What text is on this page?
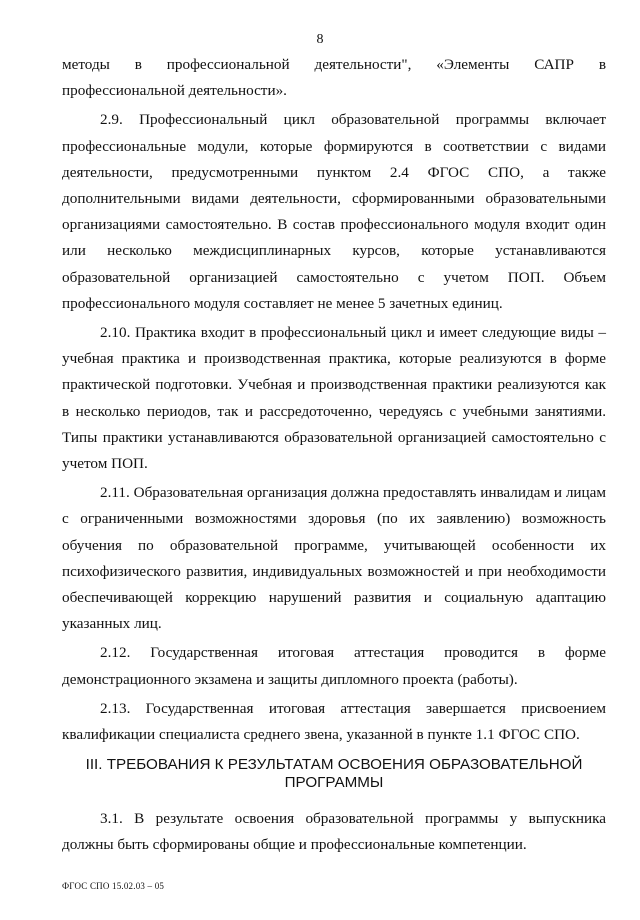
8

методы в профессиональной деятельности", «Элементы САПР в профессиональной деятельности».

2.9. Профессиональный цикл образовательной программы включает профессиональные модули, которые формируются в соответствии с видами деятельности, предусмотренными пунктом 2.4 ФГОС СПО, а также дополнительными видами деятельности, сформированными образовательными организациями самостоятельно. В состав профессионального модуля входит один или несколько междисциплинарных курсов, которые устанавливаются образовательной организацией самостоятельно с учетом ПОП. Объем профессионального модуля составляет не менее 5 зачетных единиц.

2.10. Практика входит в профессиональный цикл и имеет следующие виды – учебная практика и производственная практика, которые реализуются в форме практической подготовки. Учебная и производственная практики реализуются как в несколько периодов, так и рассредоточенно, чередуясь с учебными занятиями. Типы практики устанавливаются образовательной организацией самостоятельно с учетом ПОП.

2.11. Образовательная организация должна предоставлять инвалидам и лицам с ограниченными возможностями здоровья (по их заявлению) возможность обучения по образовательной программе, учитывающей особенности их психофизического развития, индивидуальных возможностей и при необходимости обеспечивающей коррекцию нарушений развития и социальную адаптацию указанных лиц.

2.12. Государственная итоговая аттестация проводится в форме демонстрационного экзамена и защиты дипломного проекта (работы).

2.13. Государственная итоговая аттестация завершается присвоением квалификации специалиста среднего звена, указанной в пункте 1.1 ФГОС СПО.

III. ТРЕБОВАНИЯ К РЕЗУЛЬТАТАМ ОСВОЕНИЯ ОБРАЗОВАТЕЛЬНОЙ ПРОГРАММЫ

3.1. В результате освоения образовательной программы у выпускника должны быть сформированы общие и профессиональные компетенции.

ФГОС СПО 15.02.03 – 05
